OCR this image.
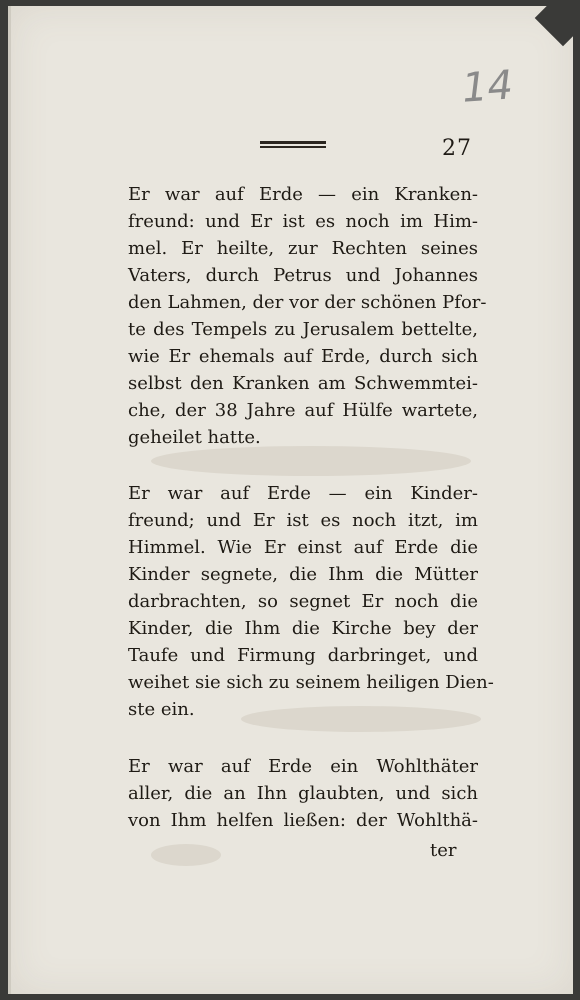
14
27
Er war auf Erde — ein Kranken-
freund: und Er ist es noch im Him-
mel. Er heilte, zur Rechten seines
Vaters, durch Petrus und Johannes
den Lahmen, der vor der schönen Pfor-
te des Tempels zu Jerusalem bettelte,
wie Er ehemals auf Erde, durch sich
selbst den Kranken am Schwemmtei-
che, der 38 Jahre auf Hülfe wartete,
geheilet hatte.
Er war auf Erde — ein Kinder-
freund; und Er ist es noch itzt, im
Himmel. Wie Er einst auf Erde die
Kinder segnete, die Ihm die Mütter
darbrachten, so segnet Er noch die
Kinder, die Ihm die Kirche bey der
Taufe und Firmung darbringet, und
weihet sie sich zu seinem heiligen Dien-
ste ein.
Er war auf Erde ein Wohlthäter
aller, die an Ihn glaubten, und sich
von Ihm helfen ließen: der Wohlthä-
ter
